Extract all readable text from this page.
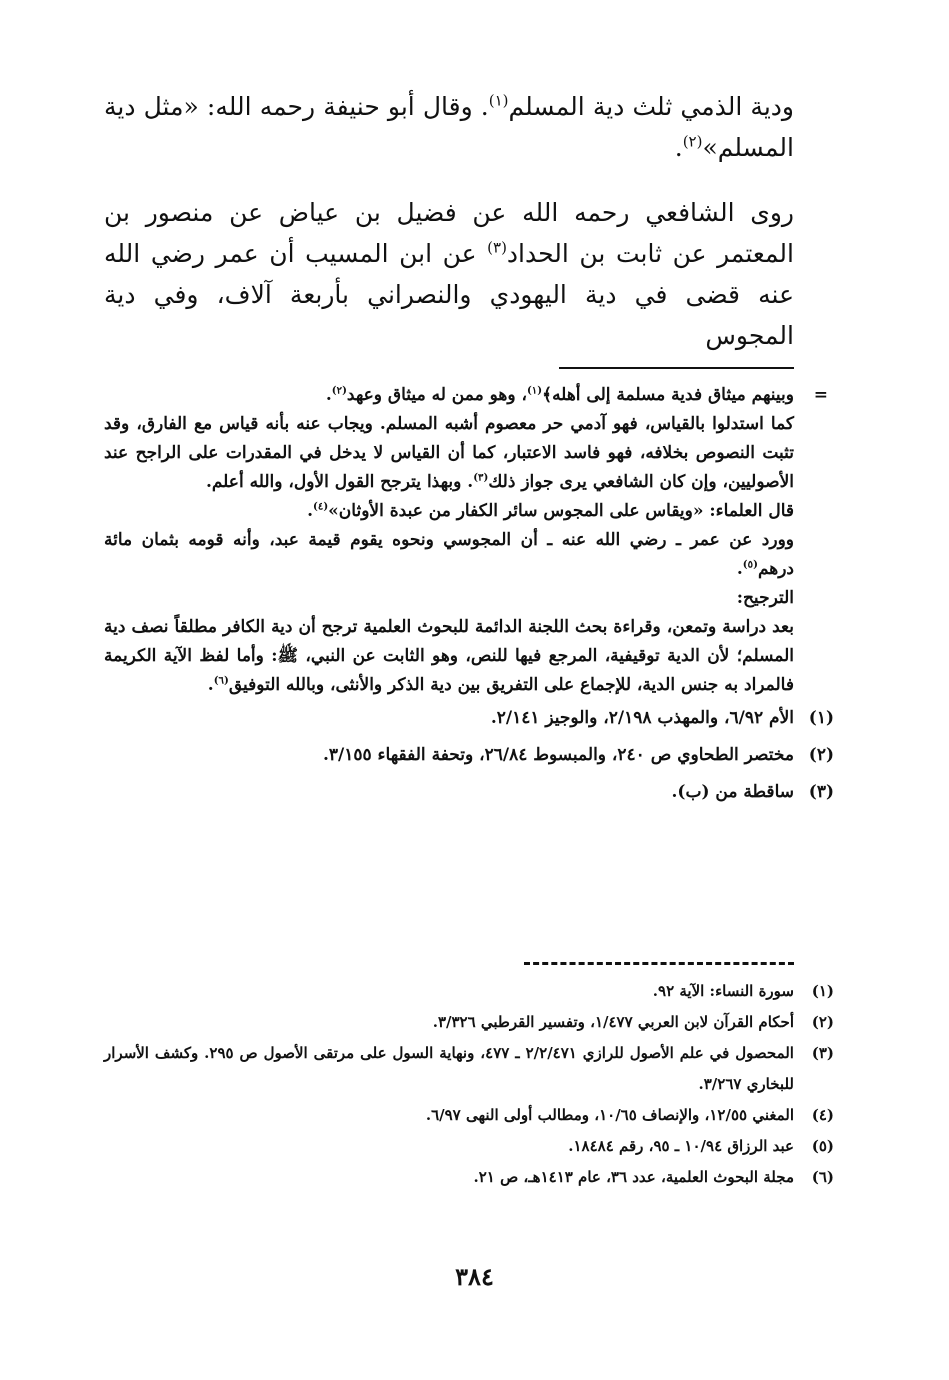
ودية الذمي ثلث دية المسلم$^{(١)}$. وقال أبو حنيفة رحمه الله: «مثل دية المسلم»$^{(٢)}$.

روى الشافعي رحمه الله عن فضيل بن عياض عن منصور بن المعتمر عن ثابت بن الحداد$^{(٣)}$ عن ابن المسيب أن عمر رضي الله عنه قضى في دية اليهودي والنصراني بأربعة آلاف، وفي دية المجوس

=
وبينهم ميثاق فدية مسلمة إلى أهله﴾$^{(١)}$، وهو ممن له ميثاق وعهد$^{(٢)}$.

كما استدلوا بالقياس، فهو آدمي حر معصوم أشبه المسلم. ويجاب عنه بأنه قياس مع الفارق، وقد تثبت النصوص بخلافه، فهو فاسد الاعتبار، كما أن القياس لا يدخل في المقدرات على الراجح عند الأصوليين، وإن كان الشافعي يرى جواز ذلك$^{(٣)}$. وبهذا يترجح القول الأول، والله أعلم.

قال العلماء: «ويقاس على المجوس سائر الكفار من عبدة الأوثان»$^{(٤)}$.

وورد عن عمر ـ رضي الله عنه ـ أن المجوسي ونحوه يقوم قيمة عبد، وأنه قومه بثمان مائة درهم$^{(٥)}$.

الترجيح:

بعد دراسة وتمعن، وقراءة بحث اللجنة الدائمة للبحوث العلمية ترجح أن دية الكافر مطلقاً نصف دية المسلم؛ لأن الدية توقيفية، المرجع فيها للنص، وهو الثابت عن النبي، ﷺ: وأما لفظ الآية الكريمة فالمراد به جنس الدية، للإجماع على التفريق بين دية الذكر والأنثى، وبالله التوفيق$^{(٦)}$.

(١)
الأم ٦/٩٢، والمهذب ٢/١٩٨، والوجيز ٢/١٤١.

(٢)
مختصر الطحاوي ص ٢٤٠، والمبسوط ٢٦/٨٤، وتحفة الفقهاء ٣/١٥٥.

(٣)
ساقطة من (ب).

(١)
سورة النساء: الآية ٩٢.

(٢)
أحكام القرآن لابن العربي ١/٤٧٧، وتفسير القرطبي ٣/٣٢٦.

(٣)
المحصول في علم الأصول للرازي ٢/٢/٤٧١ ـ ٤٧٧، ونهاية السول على مرتقى الأصول ص ٢٩٥. وكشف الأسرار للبخاري ٣/٢٦٧.

(٤)
المغني ١٢/٥٥، والإنصاف ١٠/٦٥، ومطالب أولى النهى ٦/٩٧.

(٥)
عبد الرزاق ١٠/٩٤ ـ ٩٥، رقم ١٨٤٨٤.

(٦)
مجلة البحوث العلمية، عدد ٣٦، عام ١٤١٣هـ، ص ٢١.

٣٨٤
